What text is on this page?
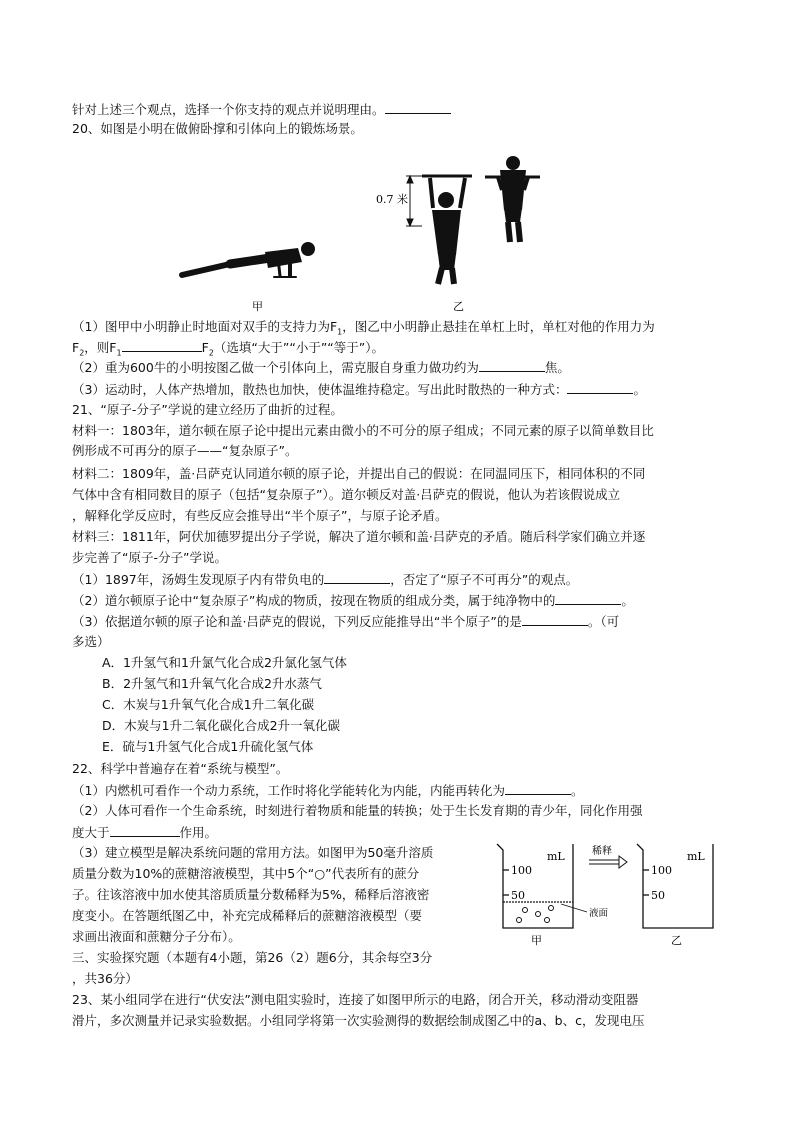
针对上述三个观点，选择一个你支持的观点并说明理由。
20、如图是小明在做俯卧撑和引体向上的锻炼场景。
0.7 米
甲	乙
（1）图甲中小明静止时地面对双手的支持力为$F_1$，图乙中小明静止悬挂在单杠上时，单杠对他的作用力为
$F_2$，则$F_1$	$F_2$（选填“大于”“小于”“等于”）。
（2）重为600牛的小明按图乙做一个引体向上，需克服自身重力做功约为	焦。
（3）运动时，人体产热增加，散热也加快，使体温维持稳定。写出此时散热的一种方式：	。
21、“原子-分子”学说的建立经历了曲折的过程。
材料一：1803年，道尔顿在原子论中提出元素由微小的不可分的原子组成；不同元素的原子以简单数目比
例形成不可再分的原子——“复杂原子”。
材料二：1809年，盖·吕萨克认同道尔顿的原子论，并提出自己的假说：在同温同压下，相同体积的不同
气体中含有相同数目的原子（包括“复杂原子”）。道尔顿反对盖·吕萨克的假说，他认为若该假说成立
，解释化学反应时，有些反应会推导出“半个原子”，与原子论矛盾。
材料三：1811年，阿伏加德罗提出分子学说，解决了道尔顿和盖·吕萨克的矛盾。随后科学家们确立并逐
步完善了“原子-分子”学说。
（1）1897年，汤姆生发现原子内有带负电的	，否定了“原子不可再分”的观点。
（2）道尔顿原子论中“复杂原子”构成的物质，按现在物质的组成分类，属于纯净物中的	。
（3）依据道尔顿的原子论和盖·吕萨克的假说，下列反应能推导出“半个原子”的是	。（可
多选）
A．1升氢气和1升氯气化合成2升氯化氢气体
B．2升氢气和1升氧气化合成2升水蒸气
C．木炭与1升氧气化合成1升二氧化碳
D．木炭与1升二氧化碳化合成2升一氧化碳
E．硫与1升氢气化合成1升硫化氢气体
22、科学中普遍存在着“系统与模型”。
（1）内燃机可看作一个动力系统，工作时将化学能转化为内能，内能再转化为	。
（2）人体可看作一个生命系统，时刻进行着物质和能量的转换；处于生长发育期的青少年，同化作用强
度大于	作用。
（3）建立模型是解决系统问题的常用方法。如图甲为50毫升溶质
质量分数为10%的蔗糖溶液模型，其中5个“○”代表所有的蔗分
子。往该溶液中加水使其溶质质量分数稀释为5%，稀释后溶液密
度变小。在答题纸图乙中，补充完成稀释后的蔗糖溶液模型（要
求画出液面和蔗糖分子分布）。
三、实验探究题（本题有4小题，第26（2）题6分，其余每空3分
，共36分）
23、某小组同学在进行“伏安法”测电阻实验时，连接了如图甲所示的电路，闭合开关，移动滑动变阻器
滑片，多次测量并记录实验数据。小组同学将第一次实验测得的数据绘制成图乙中的a、b、c，发现电压
mL
100
50
液面
甲
稀释	mL
100
50
乙
